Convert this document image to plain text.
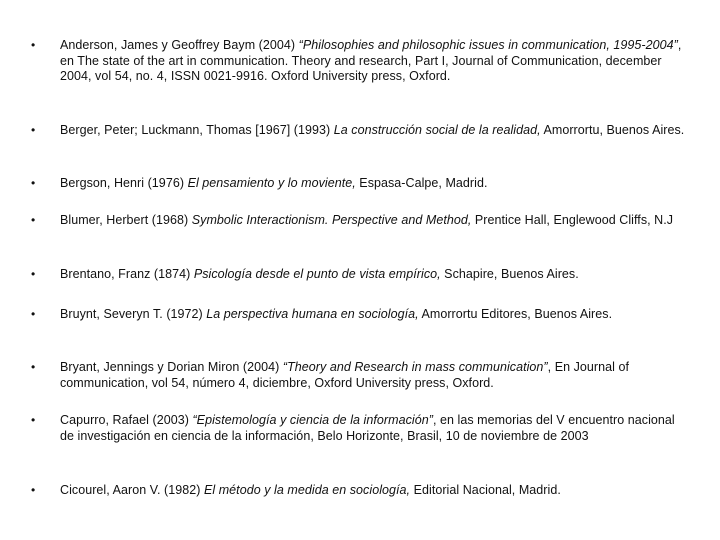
• Anderson, James y Geoffrey Baym (2004) “Philosophies and philosophic issues in communication, 1995-2004”, en The state of the art in communication. Theory and research, Part I, Journal of Communication, december 2004, vol 54, no. 4, ISSN 0021-9916. Oxford University press, Oxford.
• Berger, Peter; Luckmann, Thomas [1967] (1993) La construcción social de la realidad, Amorrortu, Buenos Aires.
• Bergson, Henri (1976) El pensamiento y lo moviente, Espasa-Calpe, Madrid.
• Blumer, Herbert (1968) Symbolic Interactionism. Perspective and Method, Prentice Hall, Englewood Cliffs, N.J
• Brentano, Franz (1874) Psicología desde el punto de vista empírico, Schapire, Buenos Aires.
• Bruynt, Severyn T. (1972) La perspectiva humana en sociología, Amorrortu Editores, Buenos Aires.
• Bryant, Jennings y Dorian Miron (2004) “Theory and Research in mass communication”, En Journal of communication, vol 54, número 4, diciembre, Oxford University press, Oxford.
• Capurro, Rafael (2003) “Epistemología y ciencia de la información”, en las memorias del V encuentro nacional de investigación en ciencia de la información, Belo Horizonte, Brasil, 10 de noviembre de 2003
• Cicourel, Aaron V. (1982) El método y la medida en sociología, Editorial Nacional, Madrid.
